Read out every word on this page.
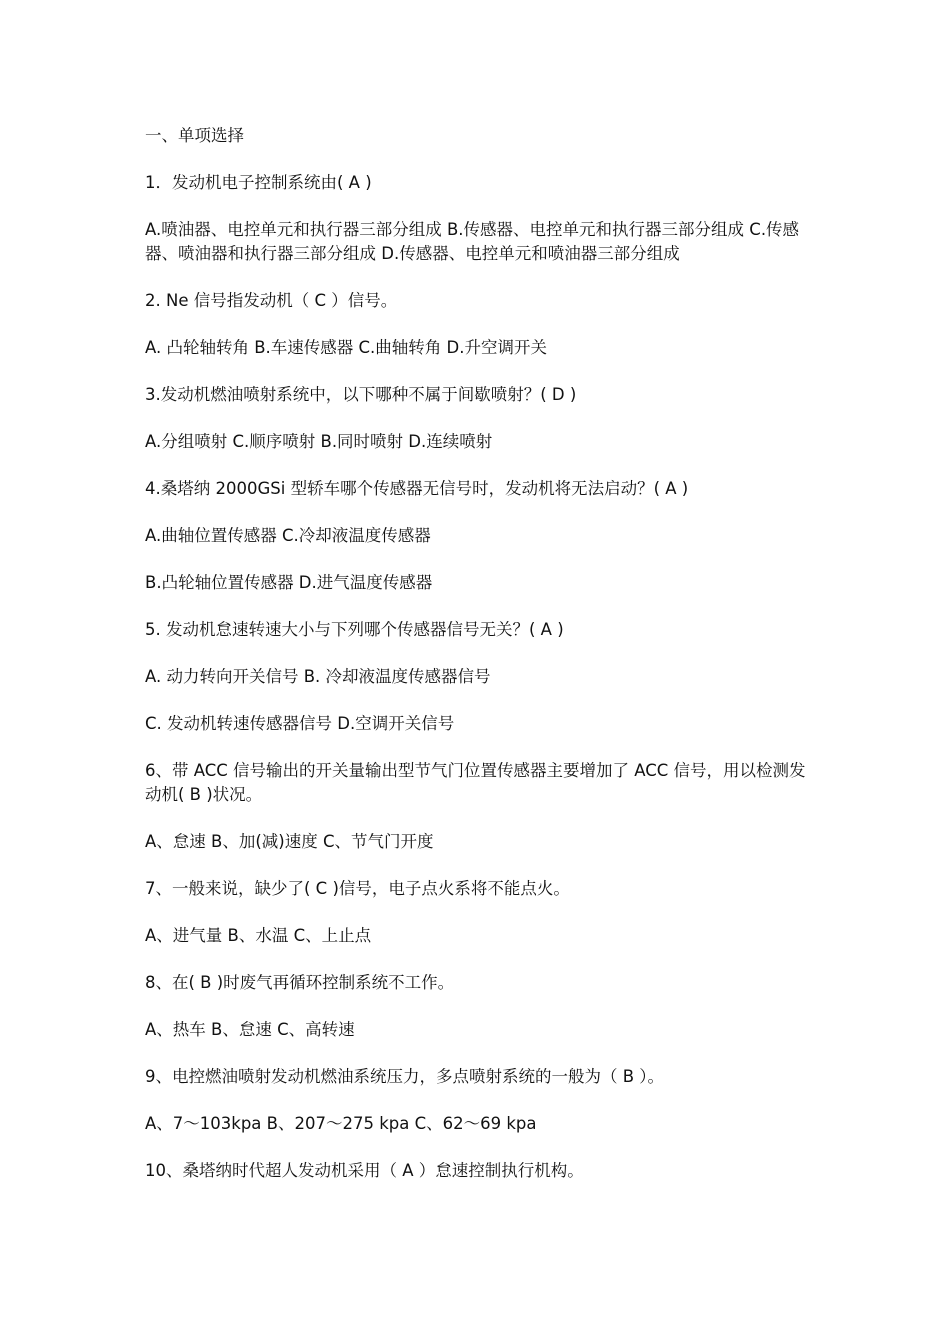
一、单项选择

1．发动机电子控制系统由( A )

A.喷油器、电控单元和执行器三部分组成 B.传感器、电控单元和执行器三部分组成 C.传感器、喷油器和执行器三部分组成 D.传感器、电控单元和喷油器三部分组成

2. Ne 信号指发动机（ C ）信号。

A. 凸轮轴转角 B.车速传感器 C.曲轴转角 D.升空调开关

3.发动机燃油喷射系统中，以下哪种不属于间歇喷射？( D )

A.分组喷射 C.顺序喷射 B.同时喷射 D.连续喷射

4.桑塔纳 2000GSi 型轿车哪个传感器无信号时，发动机将无法启动？( A )

A.曲轴位置传感器 C.冷却液温度传感器

B.凸轮轴位置传感器 D.进气温度传感器

5. 发动机怠速转速大小与下列哪个传感器信号无关？( A )

A. 动力转向开关信号 B. 冷却液温度传感器信号

C. 发动机转速传感器信号 D.空调开关信号

6、带 ACC 信号输出的开关量输出型节气门位置传感器主要增加了 ACC 信号，用以检测发动机( B )状况。

A、怠速 B、加(减)速度 C、节气门开度

7、一般来说，缺少了( C )信号，电子点火系将不能点火。

A、进气量 B、水温 C、上止点

8、在( B )时废气再循环控制系统不工作。

A、热车 B、怠速 C、高转速

9、电控燃油喷射发动机燃油系统压力，多点喷射系统的一般为（ B ）。

A、7～103kpa B、207～275 kpa C、62～69 kpa

10、桑塔纳时代超人发动机采用（ A ）怠速控制执行机构。
